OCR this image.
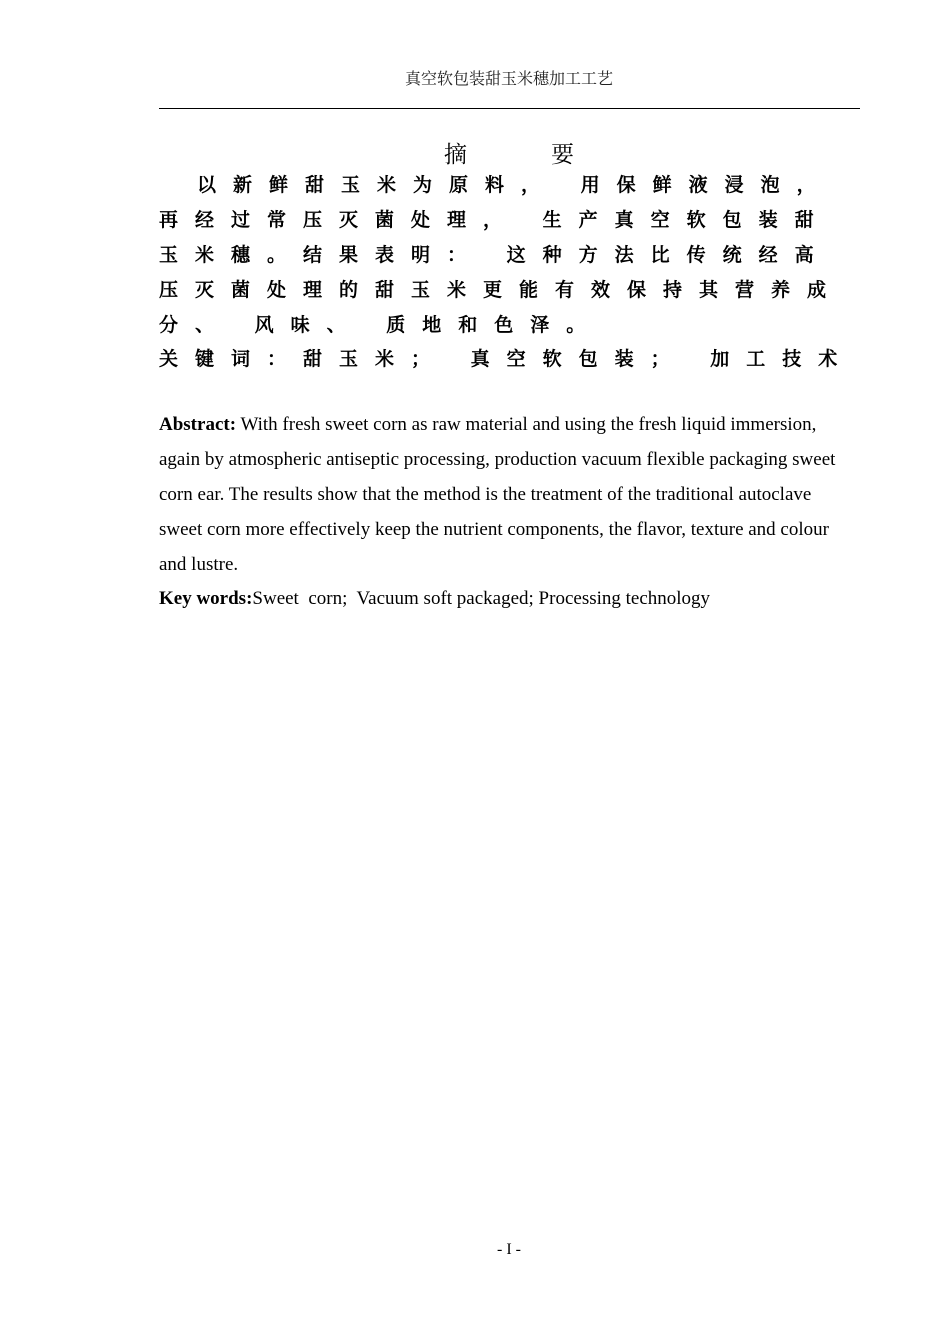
真空软包装甜玉米穗加工工艺
摘	要
以新鲜甜玉米为原料， 用保鲜液浸泡，
再经过常压灭菌处理， 生产真空软包装甜
玉米穗。结果表明： 这种方法比传统经高
压灭菌处理的甜玉米更能有效保持其营养成
分、 风味、 质地和色泽。
关键词：甜玉米； 真空软包装； 加工技术
Abstract: With fresh sweet corn as raw material and using the fresh liquid immersion,
again by atmospheric antiseptic processing, production vacuum flexible packaging sweet
corn ear. The results show that the method is the treatment of the traditional autoclave
sweet corn more effectively keep the nutrient components, the flavor, texture and colour
and lustre.
Key words:Sweet  corn;  Vacuum soft packaged; Processing technology
- I -
